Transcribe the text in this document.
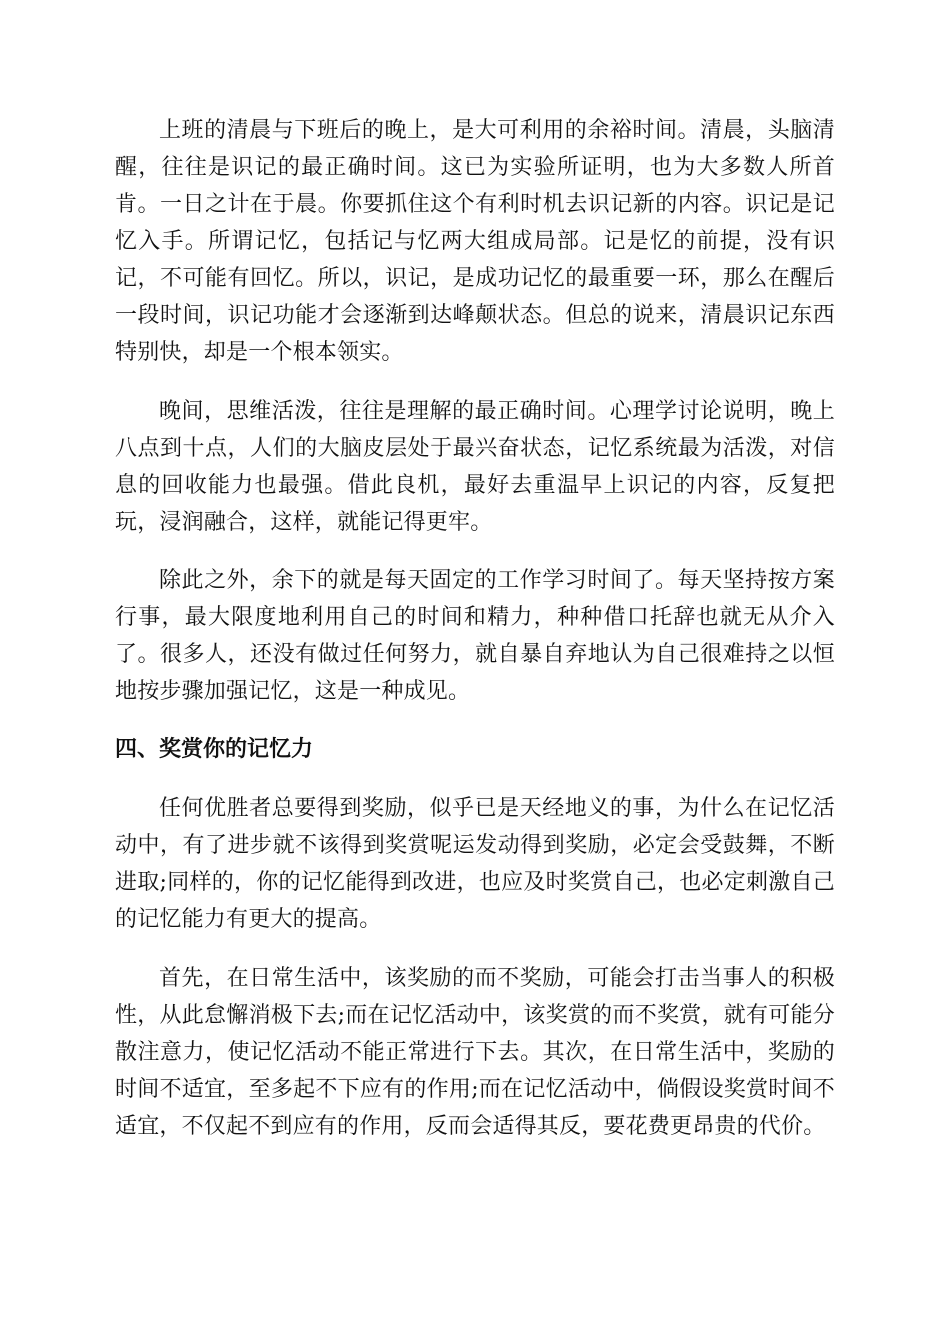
上班的清晨与下班后的晚上，是大可利用的余裕时间。清晨，头脑清醒，往往是识记的最正确时间。这已为实验所证明，也为大多数人所首肯。一日之计在于晨。你要抓住这个有利时机去识记新的内容。识记是记忆入手。所谓记忆，包括记与忆两大组成局部。记是忆的前提，没有识记，不可能有回忆。所以，识记，是成功记忆的最重要一环，那么在醒后一段时间，识记功能才会逐渐到达峰颠状态。但总的说来，清晨识记东西特别快，却是一个根本领实。

晚间，思维活泼，往往是理解的最正确时间。心理学讨论说明，晚上八点到十点，人们的大脑皮层处于最兴奋状态，记忆系统最为活泼，对信息的回收能力也最强。借此良机，最好去重温早上识记的内容，反复把玩，浸润融合，这样，就能记得更牢。

除此之外，余下的就是每天固定的工作学习时间了。每天坚持按方案行事，最大限度地利用自己的时间和精力，种种借口托辞也就无从介入了。很多人，还没有做过任何努力，就自暴自弃地认为自己很难持之以恒地按步骤加强记忆，这是一种成见。

四、奖赏你的记忆力

任何优胜者总要得到奖励，似乎已是天经地义的事，为什么在记忆活动中，有了进步就不该得到奖赏呢运发动得到奖励，必定会受鼓舞，不断进取;同样的，你的记忆能得到改进，也应及时奖赏自己，也必定刺激自己的记忆能力有更大的提高。

首先，在日常生活中，该奖励的而不奖励，可能会打击当事人的积极性，从此怠懈消极下去;而在记忆活动中，该奖赏的而不奖赏，就有可能分散注意力，使记忆活动不能正常进行下去。其次，在日常生活中，奖励的时间不适宜，至多起不下应有的作用;而在记忆活动中，倘假设奖赏时间不适宜，不仅起不到应有的作用，反而会适得其反，要花费更昂贵的代价。
